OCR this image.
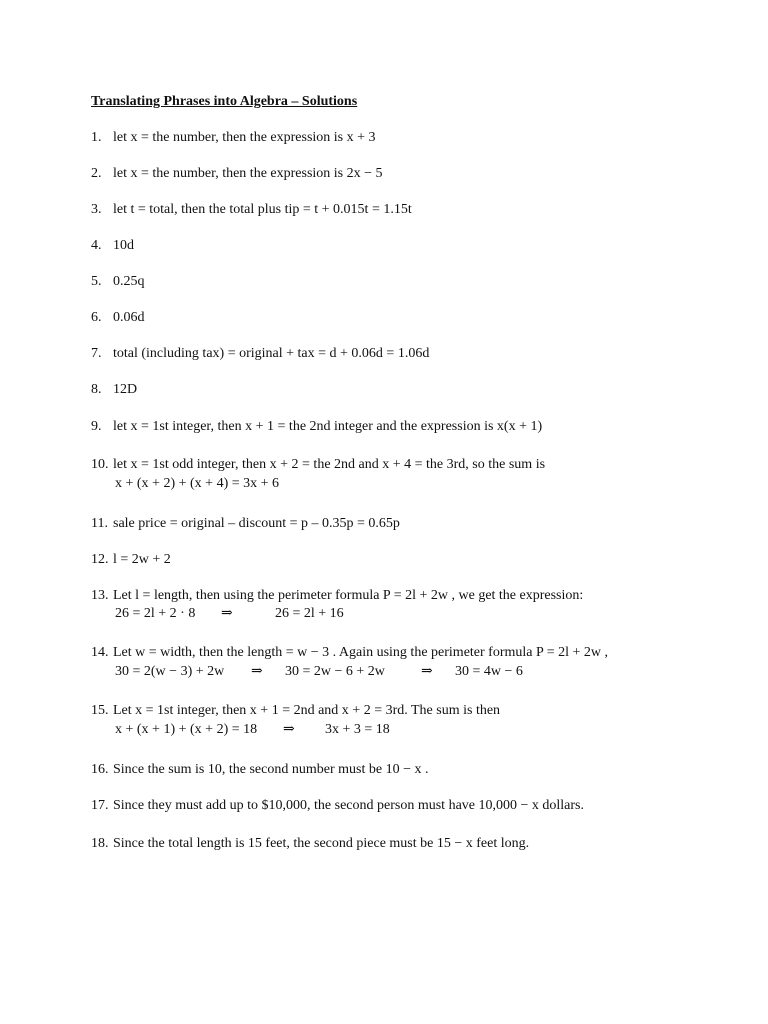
Translating Phrases into Algebra – Solutions
1. let x = the number, then the expression is x + 3
2. let x = the number, then the expression is 2x − 5
3. let t = total, then the total plus tip = t + 0.015t = 1.15t
4. 10d
5. 0.25q
6. 0.06d
7. total (including tax) = original + tax = d + 0.06d = 1.06d
8. 12D
9. let x = 1st integer, then x + 1 = the 2nd integer and the expression is x(x + 1)
10. let x = 1st odd integer, then x + 2 = the 2nd and x + 4 = the 3rd, so the sum is
x + (x + 2) + (x + 4) = 3x + 6
11. sale price = original – discount = p – 0.35p = 0.65p
12. l = 2w + 2
13. Let l = length, then using the perimeter formula P = 2l + 2w , we get the expression:
26 = 2l + 2 · 8 ⇒	26 = 2l + 16
14. Let w = width, then the length = w − 3 . Again using the perimeter formula P = 2l + 2w ,
30 = 2(w − 3) + 2w ⇒ 30 = 2w − 6 + 2w	⇒ 30 = 4w − 6
15. Let x = 1st integer, then x + 1 = 2nd and x + 2 = 3rd. The sum is then
x + (x + 1) + (x + 2) = 18 ⇒ 3x + 3 = 18
16. Since the sum is 10, the second number must be 10 − x .
17. Since they must add up to $10,000, the second person must have 10,000 − x dollars.
18. Since the total length is 15 feet, the second piece must be 15 − x feet long.
